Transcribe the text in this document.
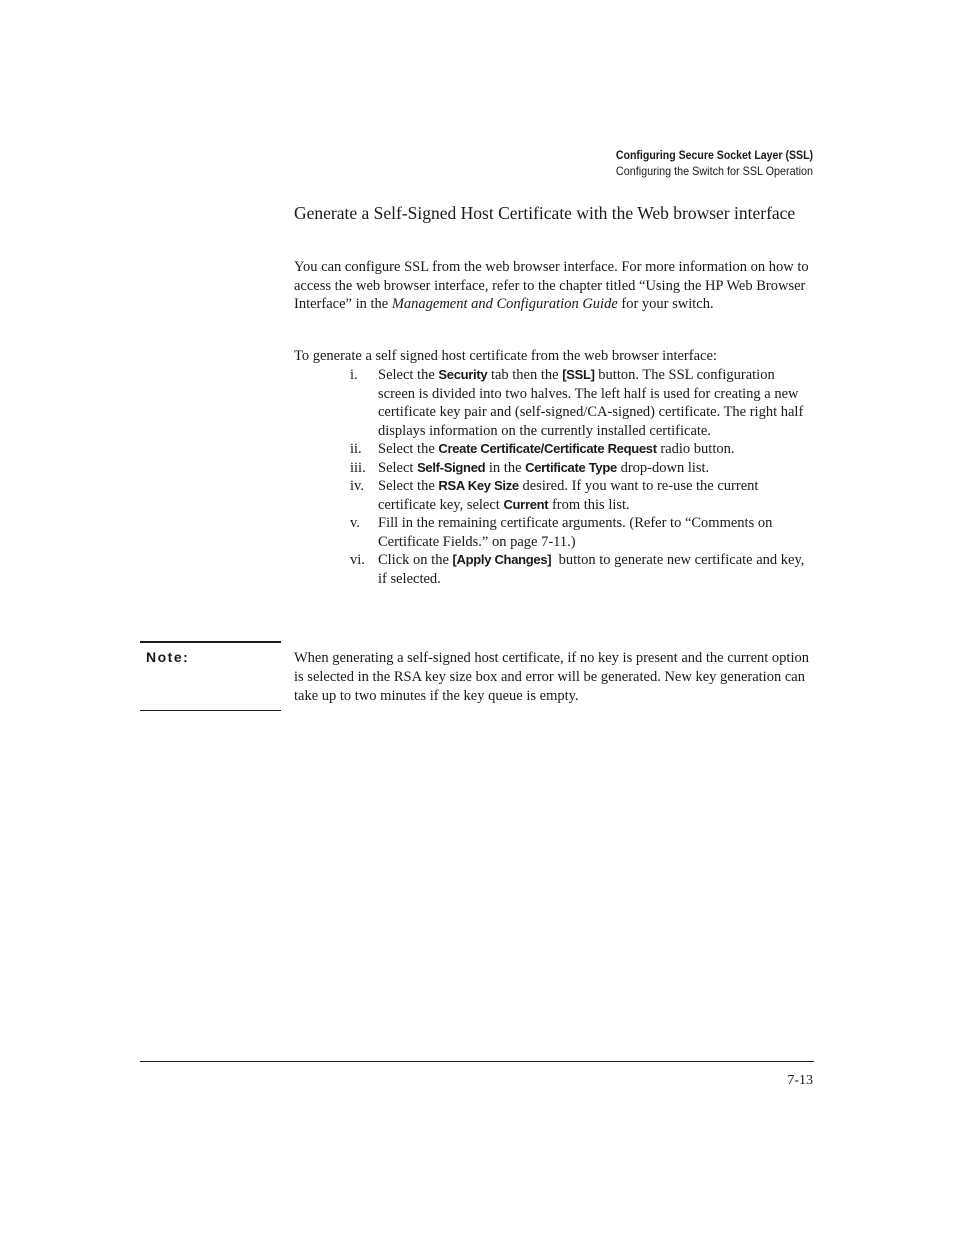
Configuring Secure Socket Layer (SSL)
Configuring the Switch for SSL Operation
Generate a Self-Signed Host Certificate with the Web browser interface
You can configure SSL from the web browser interface. For more information on how to access the web browser interface, refer to the chapter titled “Using the HP Web Browser Interface” in the Management and Configuration Guide for your switch.
To generate a self signed host certificate from the web browser interface:
i. Select the Security tab then the [SSL] button. The SSL configuration screen is divided into two halves. The left half is used for creating a new certificate key pair and (self-signed/CA-signed) certificate. The right half displays information on the currently installed certificate.
ii. Select the Create Certificate/Certificate Request radio button.
iii. Select Self-Signed in the Certificate Type drop-down list.
iv. Select the RSA Key Size desired. If you want to re-use the current certificate key, select Current from this list.
v. Fill in the remaining certificate arguments. (Refer to “Comments on Certificate Fields.” on page 7-11.)
vi. Click on the [Apply Changes]  button to generate new certificate and key, if selected.
Note:	When generating a self-signed host certificate, if no key is present and the current option is selected in the RSA key size box and error will be generated. New key generation can take up to two minutes if the key queue is empty.
7-13
